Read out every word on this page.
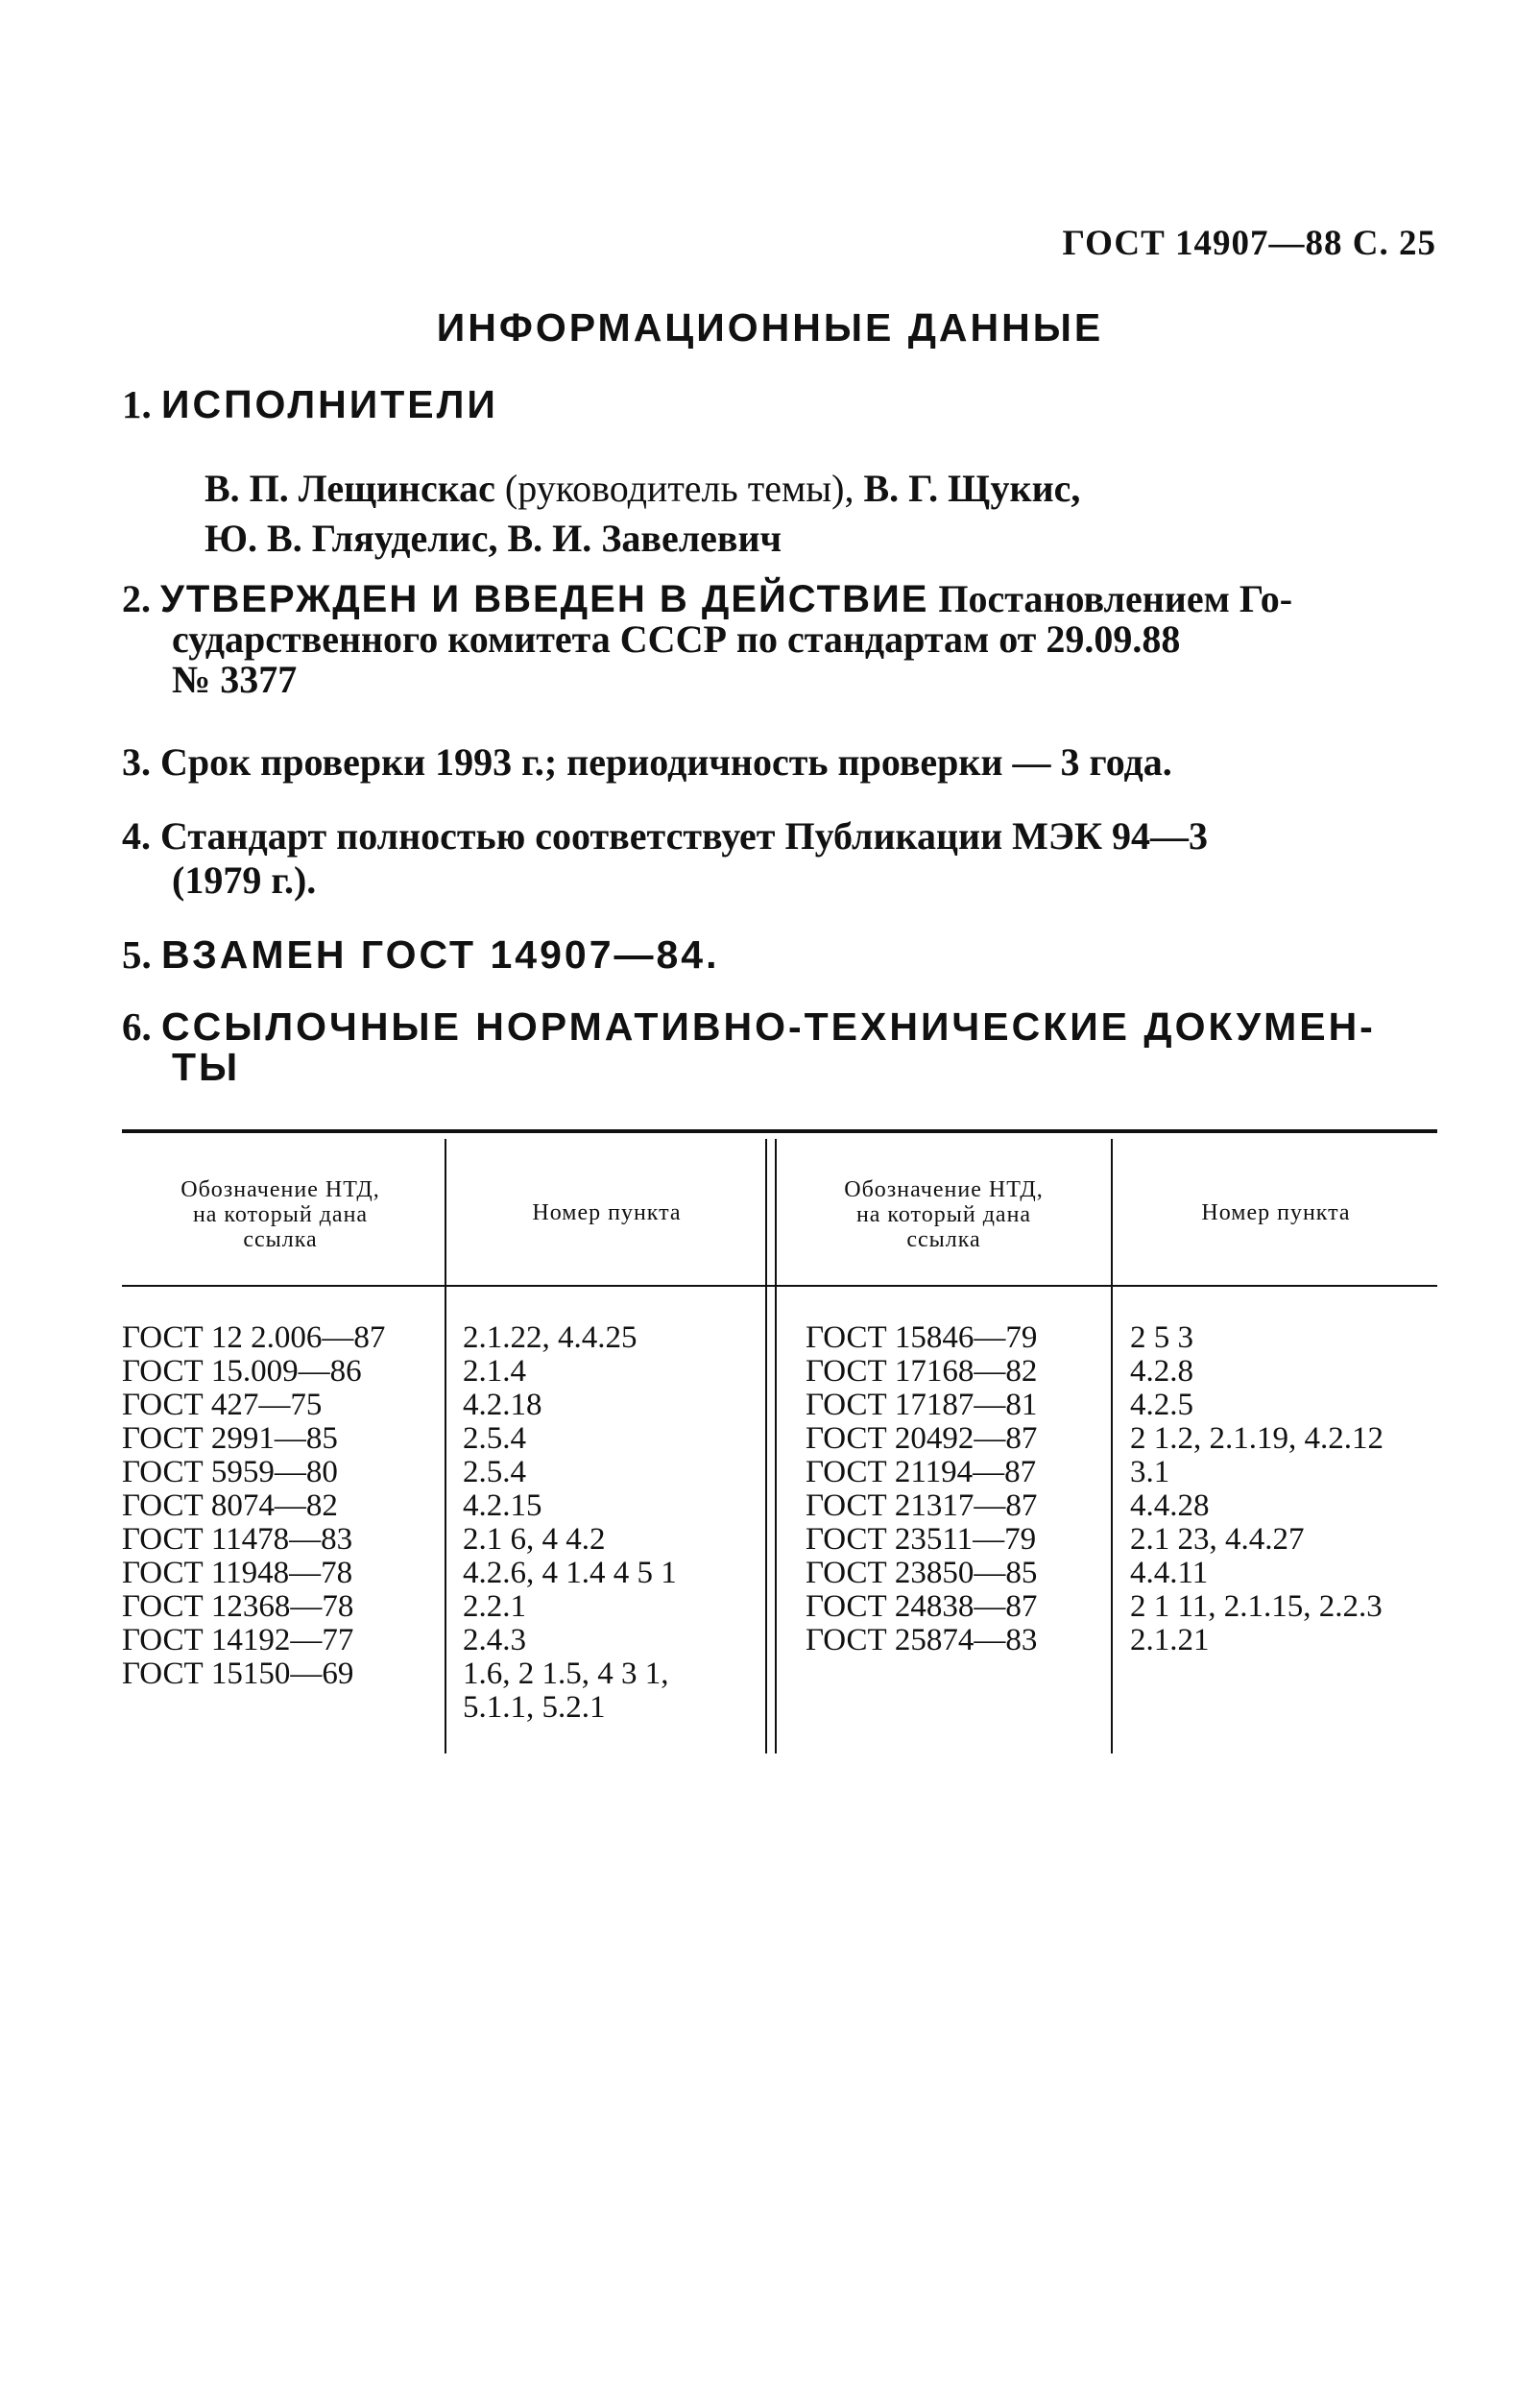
ГОСТ 14907—88 С. 25
ИНФОРМАЦИОННЫЕ ДАННЫЕ
1. ИСПОЛНИТЕЛИ
В. П. Лещинскас (руководитель темы), В. Г. Щукис,
Ю. В. Гляуделис, В. И. Завелевич
2. УТВЕРЖДЕН И ВВЕДЕН В ДЕЙСТВИЕ Постановлением Го-
сударственного комитета СССР по стандартам от 29.09.88
№ 3377
3. Срок проверки 1993 г.; периодичность проверки — 3 года.
4. Стандарт полностью соответствует Публикации МЭК 94—3
(1979 г.).
5. ВЗАМЕН ГОСТ 14907—84.
6. ССЫЛОЧНЫЕ НОРМАТИВНО-ТЕХНИЧЕСКИЕ ДОКУМЕН-
ТЫ
Обозначение НТД,
на который дана
ссылка
Номер пункта
Обозначение НТД,
на который дана
ссылка
Номер пункта
ГОСТ 12 2.006—87
ГОСТ 15.009—86
ГОСТ 427—75
ГОСТ 2991—85
ГОСТ 5959—80
ГОСТ 8074—82
ГОСТ 11478—83
ГОСТ 11948—78
ГОСТ 12368—78
ГОСТ 14192—77
ГОСТ 15150—69
2.1.22, 4.4.25
2.1.4
4.2.18
2.5.4
2.5.4
4.2.15
2.1 6, 4 4.2
4.2.6, 4 1.4 4 5 1
2.2.1
2.4.3
1.6, 2 1.5, 4 3 1,
5.1.1, 5.2.1
ГОСТ 15846—79
ГОСТ 17168—82
ГОСТ 17187—81
ГОСТ 20492—87
ГОСТ 21194—87
ГОСТ 21317—87
ГОСТ 23511—79
ГОСТ 23850—85
ГОСТ 24838—87
ГОСТ 25874—83
2 5 3
4.2.8
4.2.5
2 1.2, 2.1.19, 4.2.12
3.1
4.4.28
2.1 23, 4.4.27
4.4.11
2 1 11, 2.1.15, 2.2.3
2.1.21
